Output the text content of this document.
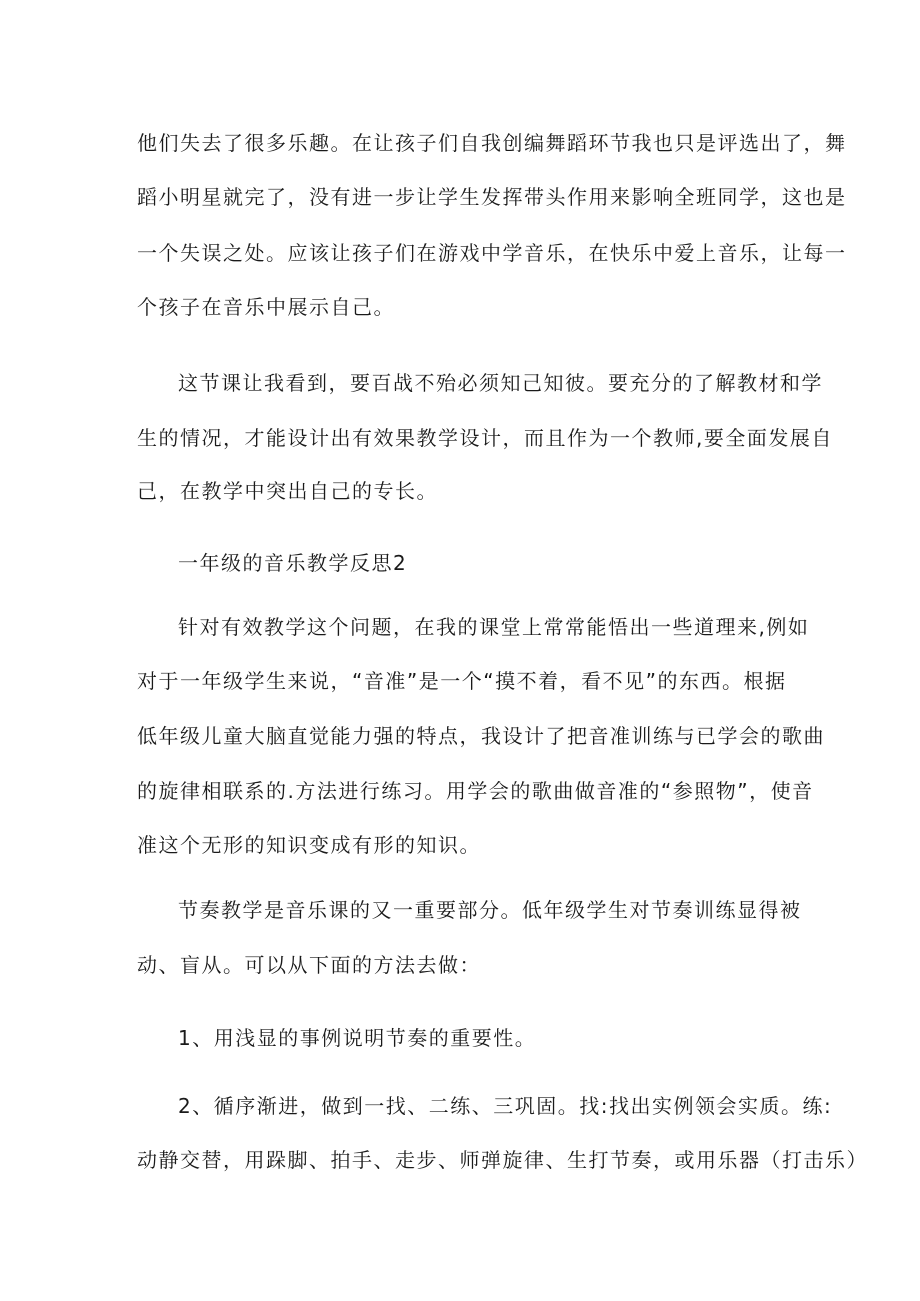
他们失去了很多乐趣。在让孩子们自我创编舞蹈环节我也只是评选出了，舞
蹈小明星就完了，没有进一步让学生发挥带头作用来影响全班同学，这也是
一个失误之处。应该让孩子们在游戏中学音乐，在快乐中爱上音乐，让每一
个孩子在音乐中展示自己。
这节课让我看到，要百战不殆必须知己知彼。要充分的了解教材和学
生的情况，才能设计出有效果教学设计，而且作为一个教师,要全面发展自
己，在教学中突出自己的专长。
一年级的音乐教学反思2
针对有效教学这个问题，在我的课堂上常常能悟出一些道理来,例如
对于一年级学生来说，“音准”是一个“摸不着，看不见”的东西。根据
低年级儿童大脑直觉能力强的特点，我设计了把音准训练与已学会的歌曲
的旋律相联系的.方法进行练习。用学会的歌曲做音准的“参照物”，使音
准这个无形的知识变成有形的知识。
节奏教学是音乐课的又一重要部分。低年级学生对节奏训练显得被
动、盲从。可以从下面的方法去做：
1、用浅显的事例说明节奏的重要性。
2、循序渐进，做到一找、二练、三巩固。找:找出实例领会实质。练:
动静交替，用跺脚、拍手、走步、师弹旋律、生打节奏，或用乐器（打击乐）
